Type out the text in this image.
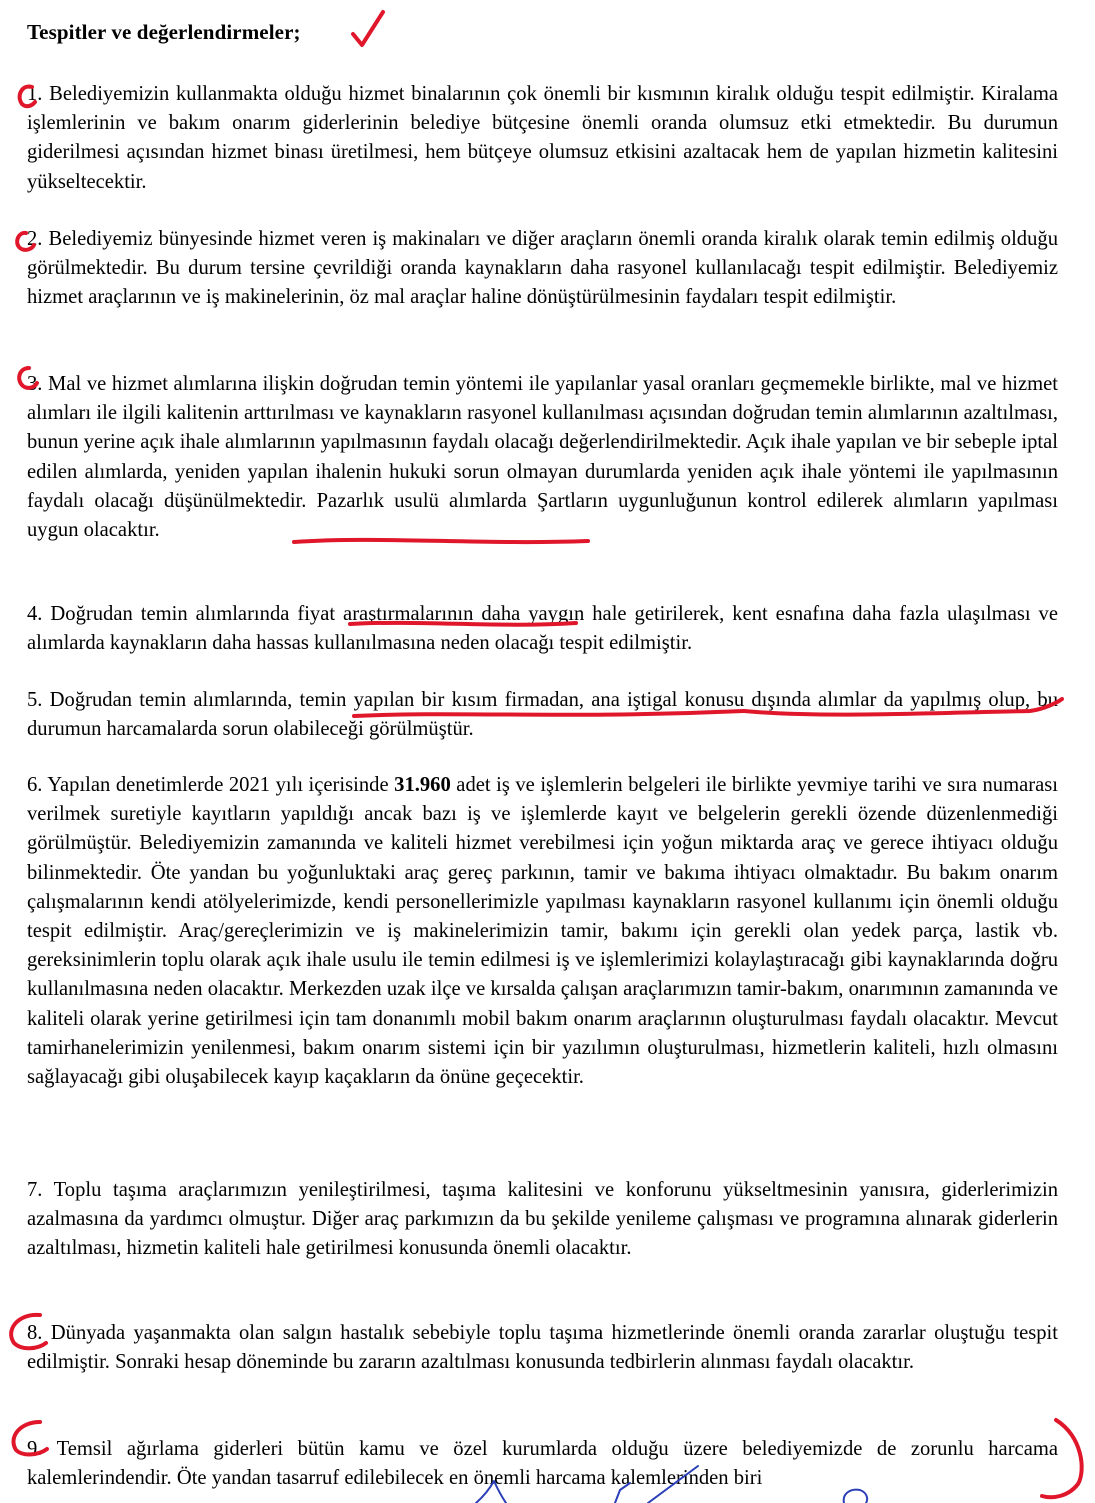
Tespitler ve değerlendirmeler;

1. Belediyemizin kullanmakta olduğu hizmet binalarının çok önemli bir kısmının kiralık olduğu tespit edilmiştir. Kiralama işlemlerinin ve bakım onarım giderlerinin belediye bütçesine önemli oranda olumsuz etki etmektedir. Bu durumun giderilmesi açısından hizmet binası üretilmesi, hem bütçeye olumsuz etkisini azaltacak hem de yapılan hizmetin kalitesini yükseltecektir.

2. Belediyemiz bünyesinde hizmet veren iş makinaları ve diğer araçların önemli oranda kiralık olarak temin edilmiş olduğu görülmektedir. Bu durum tersine çevrildiği oranda kaynakların daha rasyonel kullanılacağı tespit edilmiştir. Belediyemiz hizmet araçlarının ve iş makinelerinin, öz mal araçlar haline dönüştürülmesinin faydaları tespit edilmiştir.

3. Mal ve hizmet alımlarına ilişkin doğrudan temin yöntemi ile yapılanlar yasal oranları geçmemekle birlikte, mal ve hizmet alımları ile ilgili kalitenin arttırılması ve kaynakların rasyonel kullanılması açısından doğrudan temin alımlarının azaltılması, bunun yerine açık ihale alımlarının yapılmasının faydalı olacağı değerlendirilmektedir. Açık ihale yapılan ve bir sebeple iptal edilen alımlarda, yeniden yapılan ihalenin hukuki sorun olmayan durumlarda yeniden açık ihale yöntemi ile yapılmasının faydalı olacağı düşünülmektedir. Pazarlık usulü alımlarda Şartların uygunluğunun kontrol edilerek alımların yapılması uygun olacaktır.

4. Doğrudan temin alımlarında fiyat araştırmalarının daha yaygın hale getirilerek, kent esnafına daha fazla ulaşılması ve alımlarda kaynakların daha hassas kullanılmasına neden olacağı tespit edilmiştir.

5. Doğrudan temin alımlarında, temin yapılan bir kısım firmadan, ana iştigal konusu dışında alımlar da yapılmış olup, bu durumun harcamalarda sorun olabileceği görülmüştür.

6. Yapılan denetimlerde 2021 yılı içerisinde 31.960 adet iş ve işlemlerin belgeleri ile birlikte yevmiye tarihi ve sıra numarası verilmek suretiyle kayıtların yapıldığı ancak bazı iş ve işlemlerde kayıt ve belgelerin gerekli özende düzenlenmediği görülmüştür. Belediyemizin zamanında ve kaliteli hizmet verebilmesi için yoğun miktarda araç ve gerece ihtiyacı olduğu bilinmektedir. Öte yandan bu yoğunluktaki araç gereç parkının, tamir ve bakıma ihtiyacı olmaktadır. Bu bakım onarım çalışmalarının kendi atölyelerimizde, kendi personellerimizle yapılması kaynakların rasyonel kullanımı için önemli olduğu tespit edilmiştir. Araç/gereçlerimizin ve iş makinelerimizin tamir, bakımı için gerekli olan yedek parça, lastik vb. gereksinimlerin toplu olarak açık ihale usulu ile temin edilmesi iş ve işlemlerimizi kolaylaştıracağı gibi kaynaklarında doğru kullanılmasına neden olacaktır. Merkezden uzak ilçe ve kırsalda çalışan araçlarımızın tamir-bakım, onarımının zamanında ve kaliteli olarak yerine getirilmesi için tam donanımlı mobil bakım onarım araçlarının oluşturulması faydalı olacaktır. Mevcut tamirhanelerimizin yenilenmesi, bakım onarım sistemi için bir yazılımın oluşturulması, hizmetlerin kaliteli, hızlı olmasını sağlayacağı gibi oluşabilecek kayıp kaçakların da önüne geçecektir.

7. Toplu taşıma araçlarımızın yenileştirilmesi, taşıma kalitesini ve konforunu yükseltmesinin yanısıra, giderlerimizin azalmasına da yardımcı olmuştur. Diğer araç parkımızın da bu şekilde yenileme çalışması ve programına alınarak giderlerin azaltılması, hizmetin kaliteli hale getirilmesi konusunda önemli olacaktır.

8. Dünyada yaşanmakta olan salgın hastalık sebebiyle toplu taşıma hizmetlerinde önemli oranda zararlar oluştuğu tespit edilmiştir. Sonraki hesap döneminde bu zararın azaltılması konusunda tedbirlerin alınması faydalı olacaktır.

9. Temsil ağırlama giderleri bütün kamu ve özel kurumlarda olduğu üzere belediyemizde de zorunlu harcama kalemlerindendir. Öte yandan tasarruf edilebilecek en önemli harcama kalemlerinden biri
